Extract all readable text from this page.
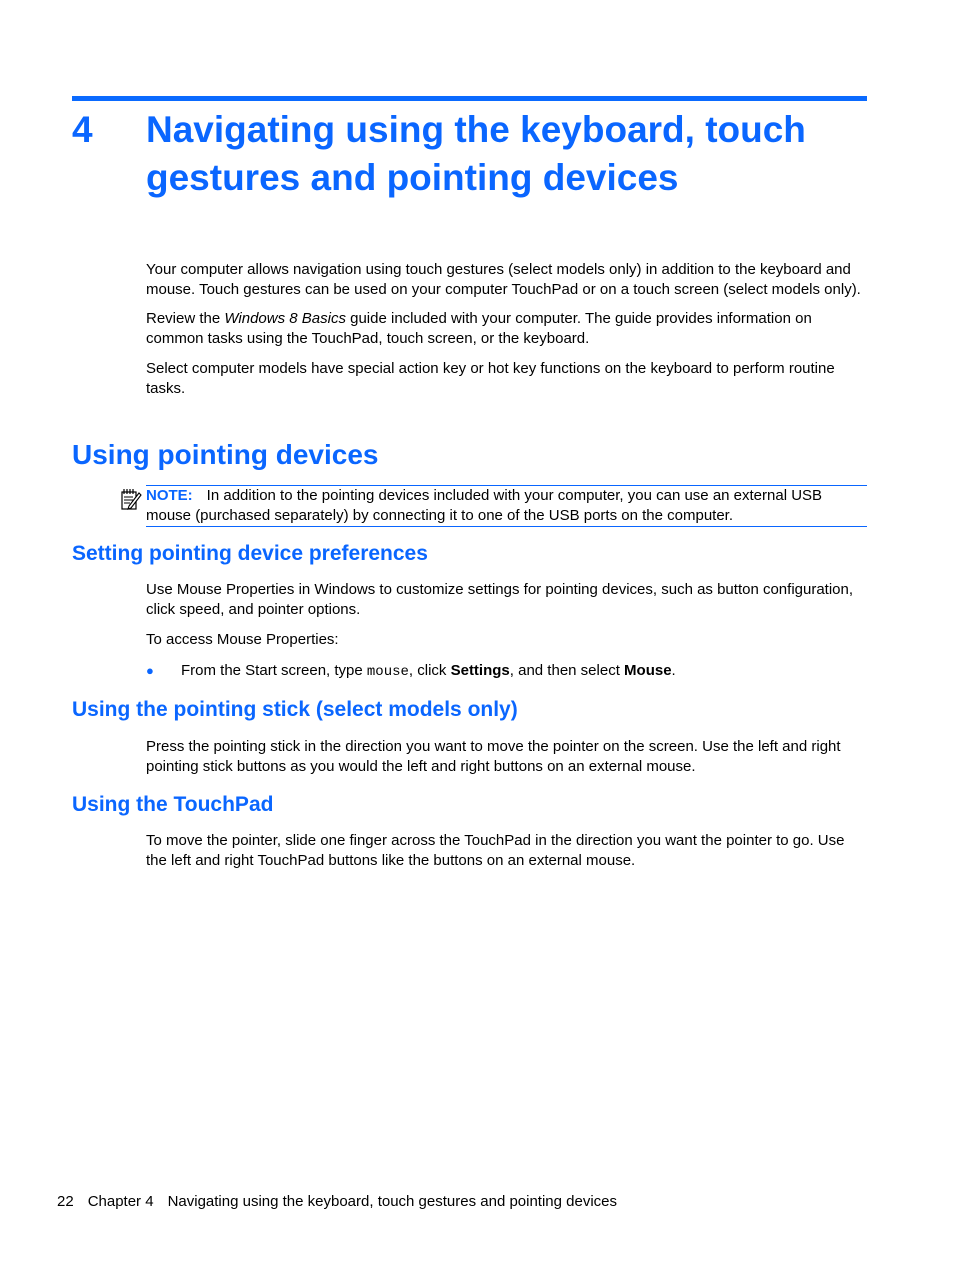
4 Navigating using the keyboard, touch gestures and pointing devices

Your computer allows navigation using touch gestures (select models only) in addition to the keyboard and mouse. Touch gestures can be used on your computer TouchPad or on a touch screen (select models only).

Review the Windows 8 Basics guide included with your computer. The guide provides information on common tasks using the TouchPad, touch screen, or the keyboard.

Select computer models have special action key or hot key functions on the keyboard to perform routine tasks.

Using pointing devices
NOTE: In addition to the pointing devices included with your computer, you can use an external USB mouse (purchased separately) by connecting it to one of the USB ports on the computer.
Setting pointing device preferences

Use Mouse Properties in Windows to customize settings for pointing devices, such as button configuration, click speed, and pointer options.

To access Mouse Properties:

● From the Start screen, type mouse, click Settings, and then select Mouse.
Using the pointing stick (select models only)

Press the pointing stick in the direction you want to move the pointer on the screen. Use the left and right pointing stick buttons as you would the left and right buttons on an external mouse.

Using the TouchPad

To move the pointer, slide one finger across the TouchPad in the direction you want the pointer to go. Use the left and right TouchPad buttons like the buttons on an external mouse.

22 Chapter 4 Navigating using the keyboard, touch gestures and pointing devices
